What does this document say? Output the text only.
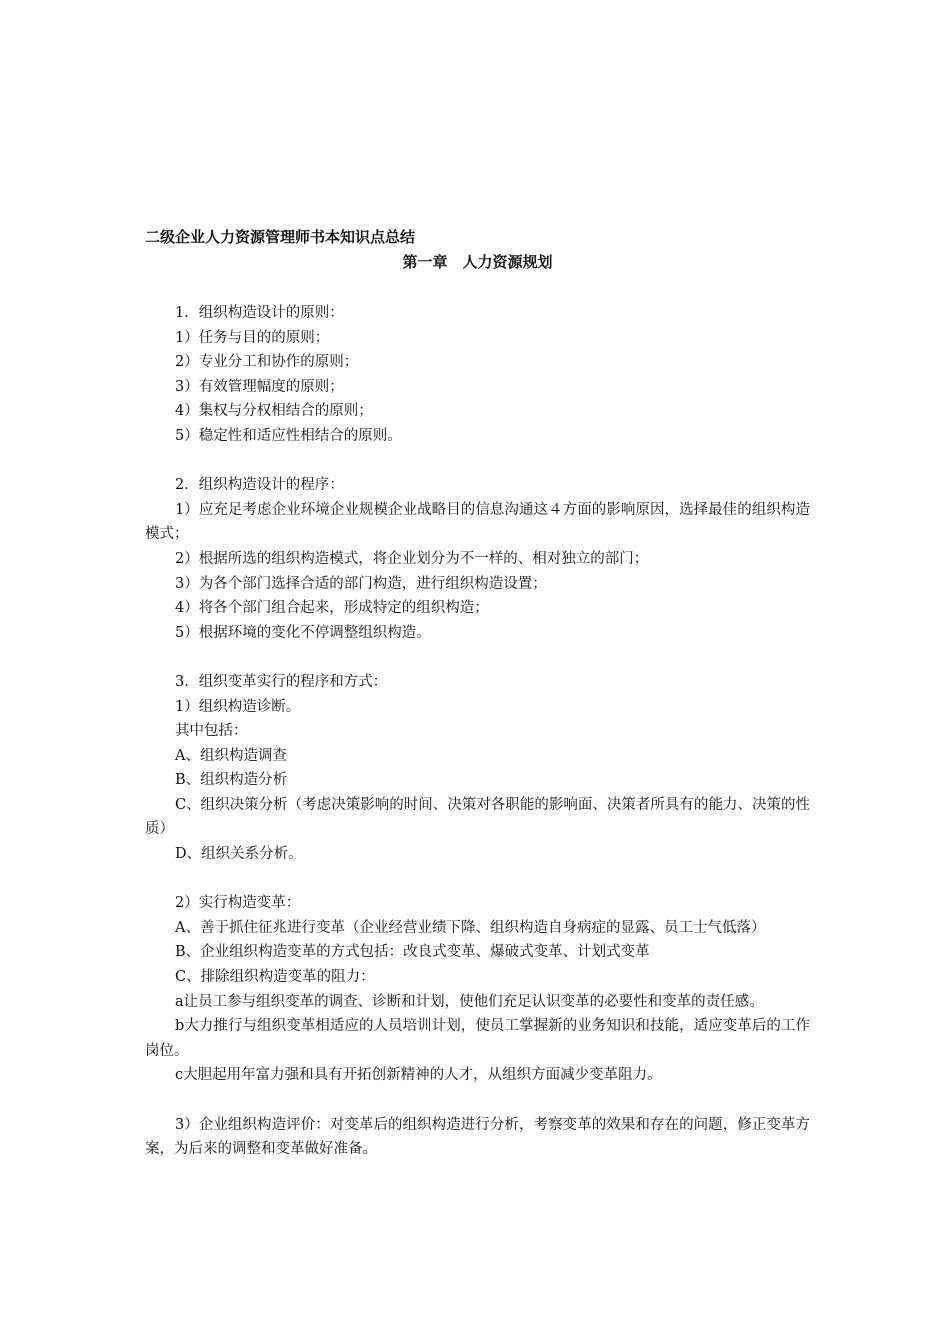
二级企业人力资源管理师书本知识点总结
第一章　人力资源规划

1．组织构造设计的原则：

1）任务与目的的原则；

2）专业分工和协作的原则；

3）有效管理幅度的原则；

4）集权与分权相结合的原则；

5）稳定性和适应性相结合的原则。

2．组织构造设计的程序：

1）应充足考虑企业环境企业规模企业战略目的信息沟通这４方面的影响原因，选择最佳的组织构造模式；

2）根据所选的组织构造模式，将企业划分为不一样的、相对独立的部门；

3）为各个部门选择合适的部门构造，进行组织构造设置；

4）将各个部门组合起来，形成特定的组织构造；

5）根据环境的变化不停调整组织构造。

3．组织变革实行的程序和方式：

1）组织构造诊断。

其中包括：

A、组织构造调查

B、组织构造分析

C、组织决策分析（考虑决策影响的时间、决策对各职能的影响面、决策者所具有的能力、决策的性质）

D、组织关系分析。

2）实行构造变革：

A、善于抓住征兆进行变革（企业经营业绩下降、组织构造自身病症的显露、员工士气低落）

B、企业组织构造变革的方式包括：改良式变革、爆破式变革、计划式变革

C、排除组织构造变革的阻力：

a让员工参与组织变革的调查、诊断和计划，使他们充足认识变革的必要性和变革的责任感。

b大力推行与组织变革相适应的人员培训计划，使员工掌握新的业务知识和技能，适应变革后的工作岗位。

c大胆起用年富力强和具有开拓创新精神的人才，从组织方面减少变革阻力。

3）企业组织构造评价：对变革后的组织构造进行分析，考察变革的效果和存在的问题，修正变革方案，为后来的调整和变革做好准备。
